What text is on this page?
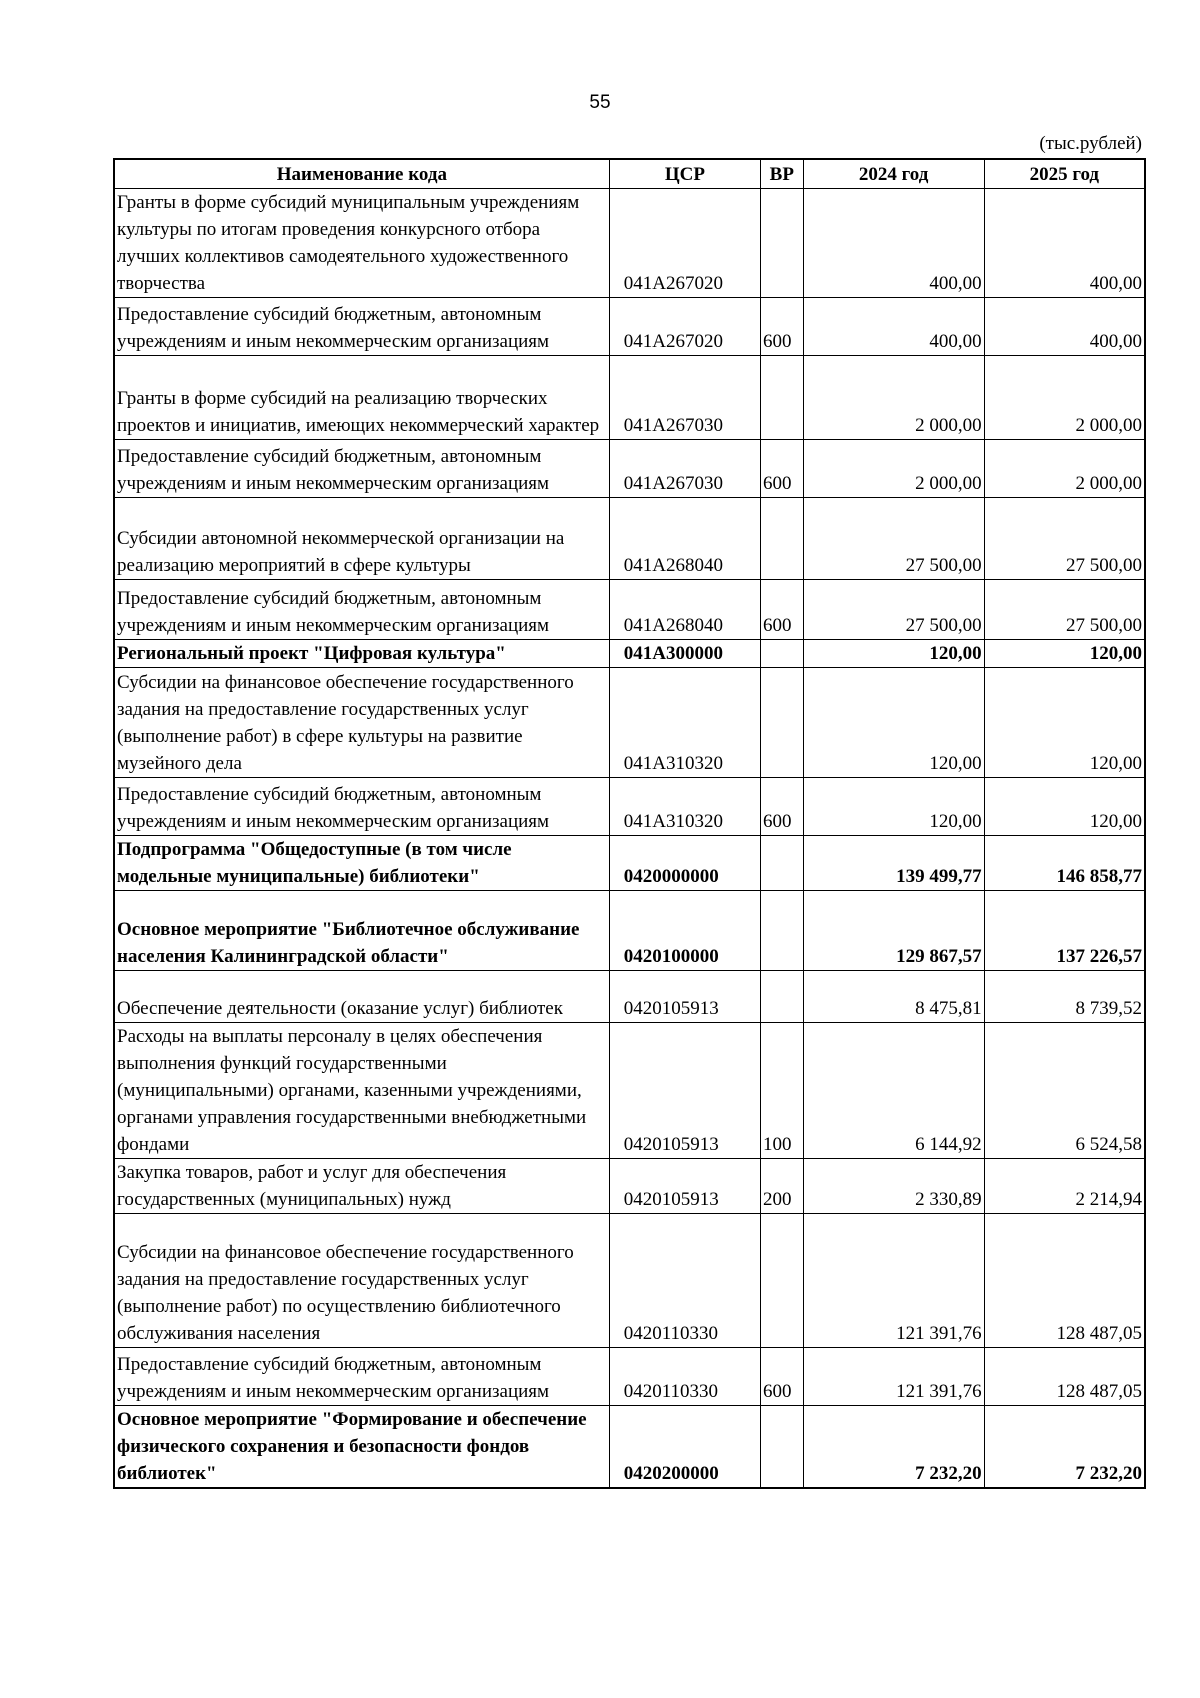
55
(тыс.рублей)
Наименование кода	ЦСР	ВР	2024 год	2025 год
Гранты в форме субсидий муниципальным учреждениям культуры по итогам проведения конкурсного отбора лучших коллективов самодеятельного художественного творчества	041А267020		400,00	400,00
Предоставление субсидий бюджетным, автономным учреждениям и иным некоммерческим организациям	041А267020	600	400,00	400,00
Гранты в форме субсидий на реализацию творческих проектов и инициатив, имеющих некоммерческий характер	041А267030		2 000,00	2 000,00
Предоставление субсидий бюджетным, автономным учреждениям и иным некоммерческим организациям	041А267030	600	2 000,00	2 000,00
Субсидии автономной некоммерческой организации на реализацию мероприятий в сфере культуры	041А268040		27 500,00	27 500,00
Предоставление субсидий бюджетным, автономным учреждениям и иным некоммерческим организациям	041А268040	600	27 500,00	27 500,00
Региональный проект "Цифровая культура"	041А300000		120,00	120,00
Субсидии на финансовое обеспечение государственного задания на предоставление государственных услуг (выполнение работ) в сфере культуры на развитие музейного дела	041А310320		120,00	120,00
Предоставление субсидий бюджетным, автономным учреждениям и иным некоммерческим организациям	041А310320	600	120,00	120,00
Подпрограмма "Общедоступные (в том числе модельные муниципальные) библиотеки"	0420000000		139 499,77	146 858,77
Основное мероприятие "Библиотечное обслуживание населения Калининградской области"	0420100000		129 867,57	137 226,57
Обеспечение деятельности (оказание услуг) библиотек	0420105913		8 475,81	8 739,52
Расходы на выплаты персоналу в целях обеспечения выполнения функций государственными (муниципальными) органами, казенными учреждениями, органами управления государственными внебюджетными фондами	0420105913	100	6 144,92	6 524,58
Закупка товаров, работ и услуг для обеспечения государственных (муниципальных) нужд	0420105913	200	2 330,89	2 214,94
Субсидии на финансовое обеспечение государственного задания на предоставление государственных услуг (выполнение работ) по осуществлению библиотечного обслуживания населения	0420110330		121 391,76	128 487,05
Предоставление субсидий бюджетным, автономным учреждениям и иным некоммерческим организациям	0420110330	600	121 391,76	128 487,05
Основное мероприятие "Формирование и обеспечение физического сохранения и безопасности фондов библиотек"	0420200000		7 232,20	7 232,20
